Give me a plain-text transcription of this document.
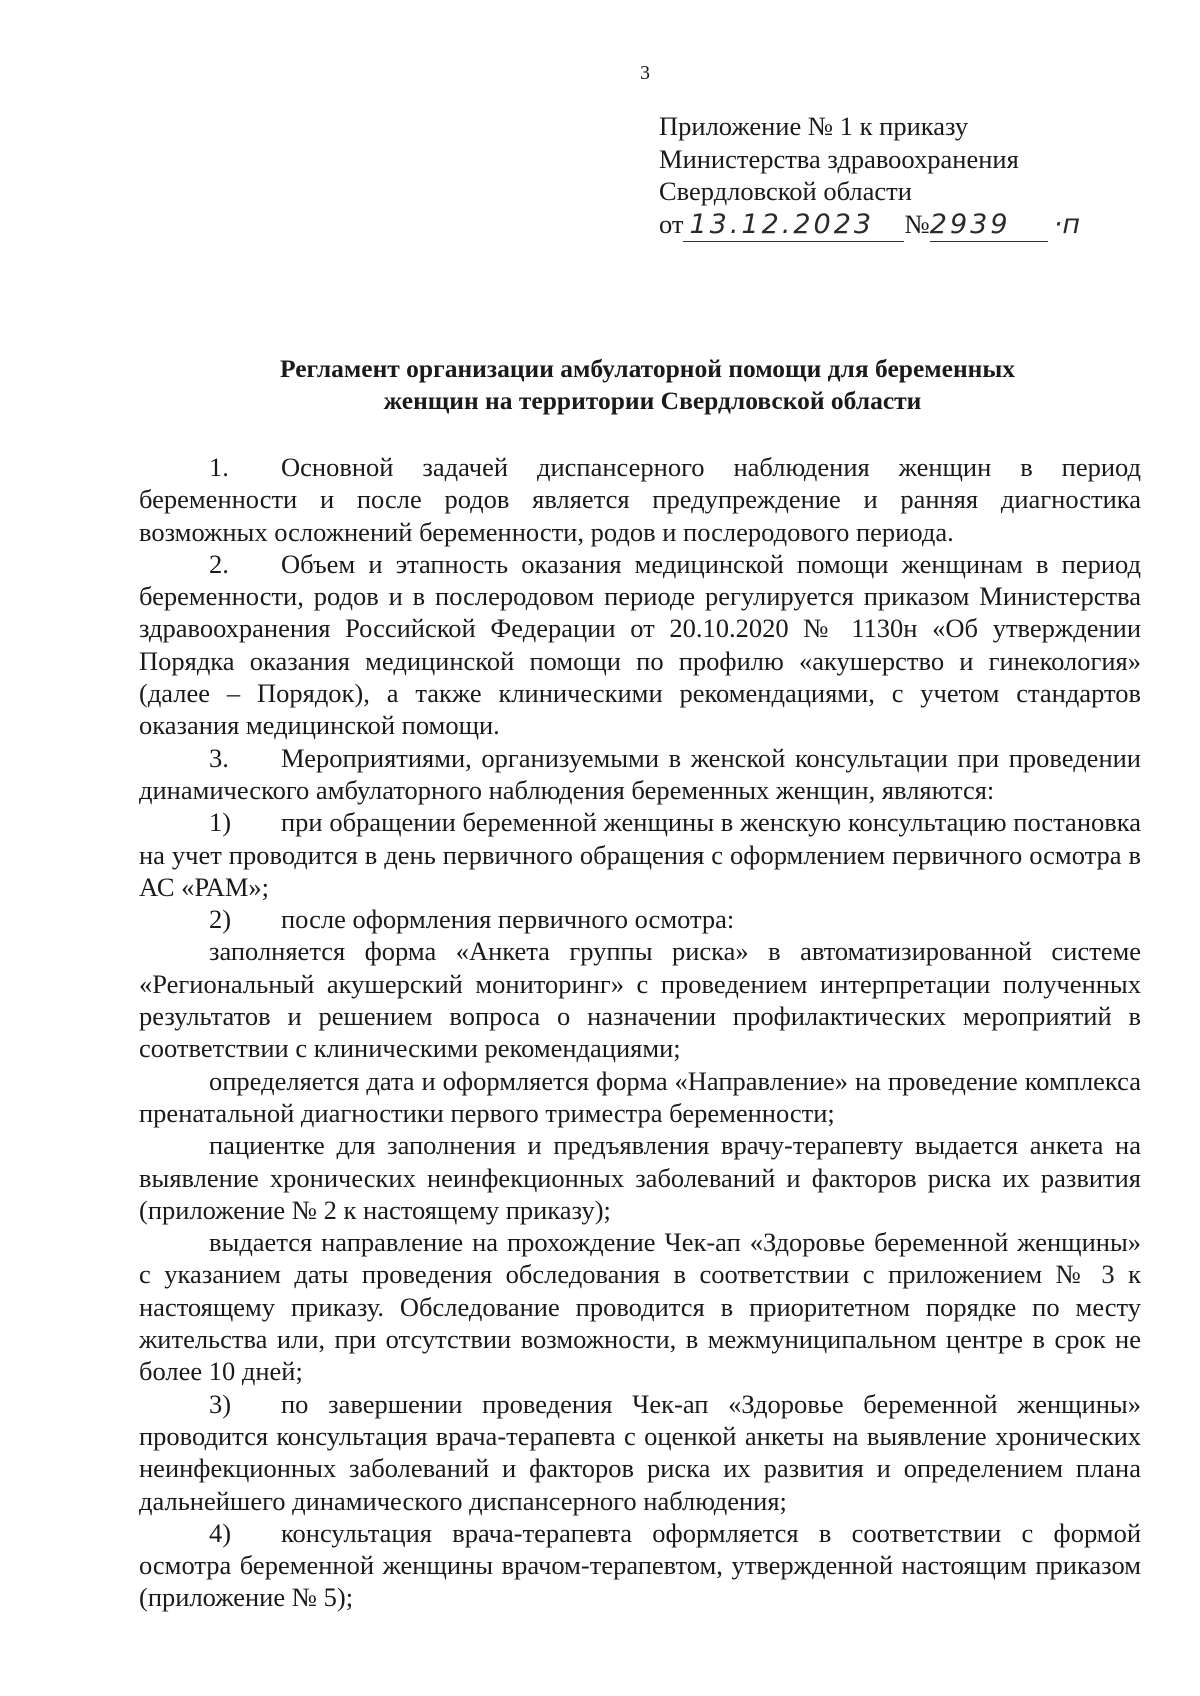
3
Приложение № 1 к приказу
Министерства здравоохранения
Свердловской области
от 13.12.2023 №2939 ·п
Регламент организации амбулаторной помощи для беременных
женщин на территории Свердловской области

1. Основной задачей диспансерного наблюдения женщин в период беременности и после родов является предупреждение и ранняя диагностика возможных осложнений беременности, родов и послеродового периода.

2. Объем и этапность оказания медицинской помощи женщинам в период беременности, родов и в послеродовом периоде регулируется приказом Министерства здравоохранения Российской Федерации от 20.10.2020 № 1130н «Об утверждении Порядка оказания медицинской помощи по профилю «акушерство и гинекология» (далее – Порядок), а также клиническими рекомендациями, с учетом стандартов оказания медицинской помощи.

3. Мероприятиями, организуемыми в женской консультации при проведении динамического амбулаторного наблюдения беременных женщин, являются:

1) при обращении беременной женщины в женскую консультацию постановка на учет проводится в день первичного обращения с оформлением первичного осмотра в АС «РАМ»;

2) после оформления первичного осмотра:

заполняется форма «Анкета группы риска» в автоматизированной системе «Региональный акушерский мониторинг» с проведением интерпретации полученных результатов и решением вопроса о назначении профилактических мероприятий в соответствии с клиническими рекомендациями;

определяется дата и оформляется форма «Направление» на проведение комплекса пренатальной диагностики первого триместра беременности;

пациентке для заполнения и предъявления врачу-терапевту выдается анкета на выявление хронических неинфекционных заболеваний и факторов риска их развития (приложение № 2 к настоящему приказу);

выдается направление на прохождение Чек-ап «Здоровье беременной женщины» с указанием даты проведения обследования в соответствии с приложением № 3 к настоящему приказу. Обследование проводится в приоритетном порядке по месту жительства или, при отсутствии возможности, в межмуниципальном центре в срок не более 10 дней;

3) по завершении проведения Чек-ап «Здоровье беременной женщины» проводится консультация врача-терапевта с оценкой анкеты на выявление хронических неинфекционных заболеваний и факторов риска их развития и определением плана дальнейшего динамического диспансерного наблюдения;

4) консультация врача-терапевта оформляется в соответствии с формой осмотра беременной женщины врачом-терапевтом, утвержденной настоящим приказом (приложение № 5);
